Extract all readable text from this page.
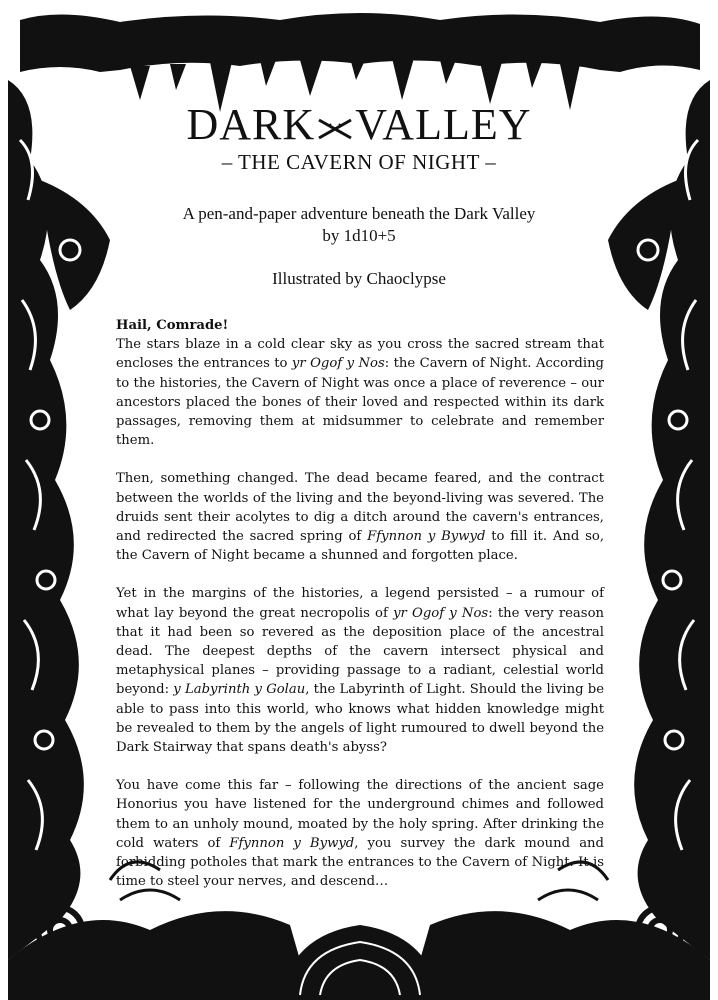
DARK VALLEY
– THE CAVERN OF NIGHT –
A pen-and-paper adventure beneath the Dark Valley
by 1d10+5
Illustrated by Chaoclypse

Hail, Comrade!
The stars blaze in a cold clear sky as you cross the sacred stream that encloses the entrances to yr Ogof y Nos: the Cavern of Night. According to the histories, the Cavern of Night was once a place of reverence – our ancestors placed the bones of their loved and respected within its dark passages, removing them at midsummer to celebrate and remember them.

Then, something changed. The dead became feared, and the contract between the worlds of the living and the beyond-living was severed. The druids sent their acolytes to dig a ditch around the cavern's entrances, and redirected the sacred spring of Ffynnon y Bywyd to fill it. And so, the Cavern of Night became a shunned and forgotten place.

Yet in the margins of the histories, a legend persisted – a rumour of what lay beyond the great necropolis of yr Ogof y Nos: the very reason that it had been so revered as the deposition place of the ancestral dead. The deepest depths of the cavern intersect physical and metaphysical planes – providing passage to a radiant, celestial world beyond: y Labyrinth y Golau, the Labyrinth of Light. Should the living be able to pass into this world, who knows what hidden knowledge might be revealed to them by the angels of light rumoured to dwell beyond the Dark Stairway that spans death's abyss?

You have come this far – following the directions of the ancient sage Honorius you have listened for the underground chimes and followed them to an unholy mound, moated by the holy spring. After drinking the cold waters of Ffynnon y Bywyd, you survey the dark mound and forbidding potholes that mark the entrances to the Cavern of Night. It is time to steel your nerves, and descend…
